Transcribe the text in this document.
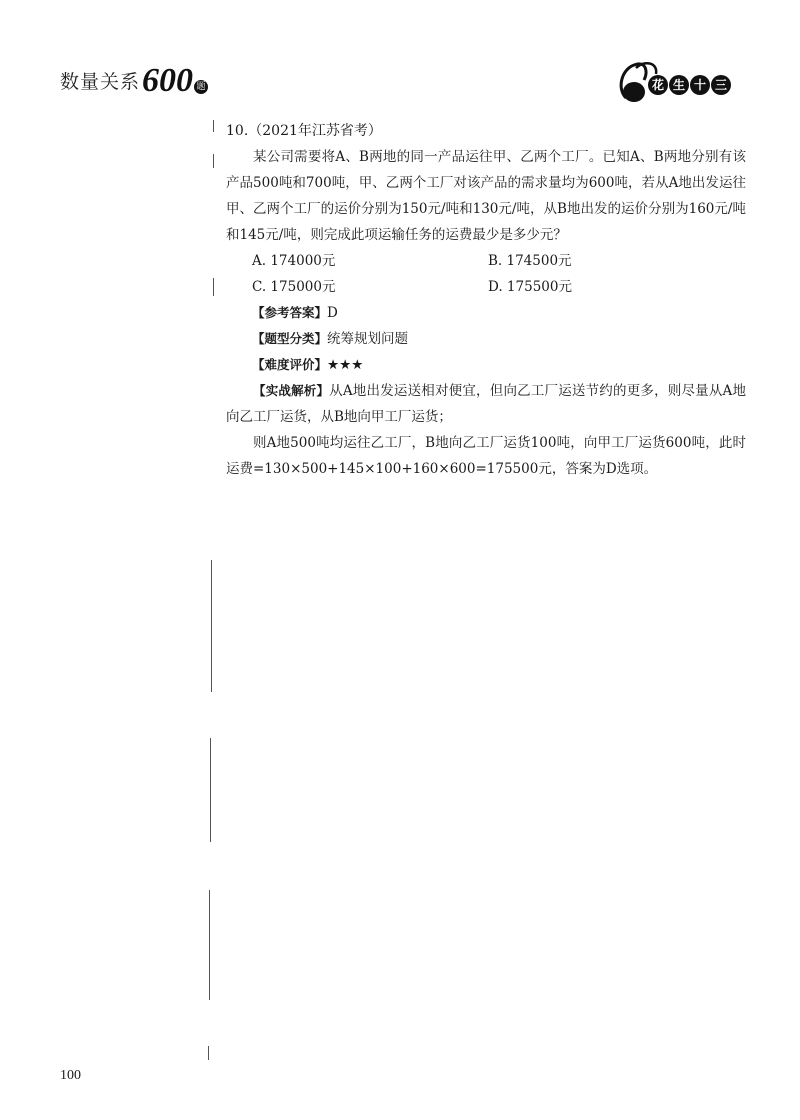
数量关系 600 题	花 生 十 三
10.（2021年江苏省考）

某公司需要将A、B两地的同一产品运往甲、乙两个工厂。已知A、B两地分别有该产品500吨和700吨，甲、乙两个工厂对该产品的需求量均为600吨，若从A地出发运往甲、乙两个工厂的运价分别为150元/吨和130元/吨，从B地出发的运价分别为160元/吨和145元/吨，则完成此项运输任务的运费最少是多少元？

A. 174000元	B. 174500元
C. 175000元	D. 175500元
【参考答案】D
【题型分类】统筹规划问题
【难度评价】★★★

【实战解析】从A地出发运送相对便宜，但向乙工厂运送节约的更多，则尽量从A地向乙工厂运货，从B地向甲工厂运货；

则A地500吨均运往乙工厂，B地向乙工厂运货100吨，向甲工厂运货600吨，此时运费=130×500+145×100+160×600=175500元，答案为D选项。

100
